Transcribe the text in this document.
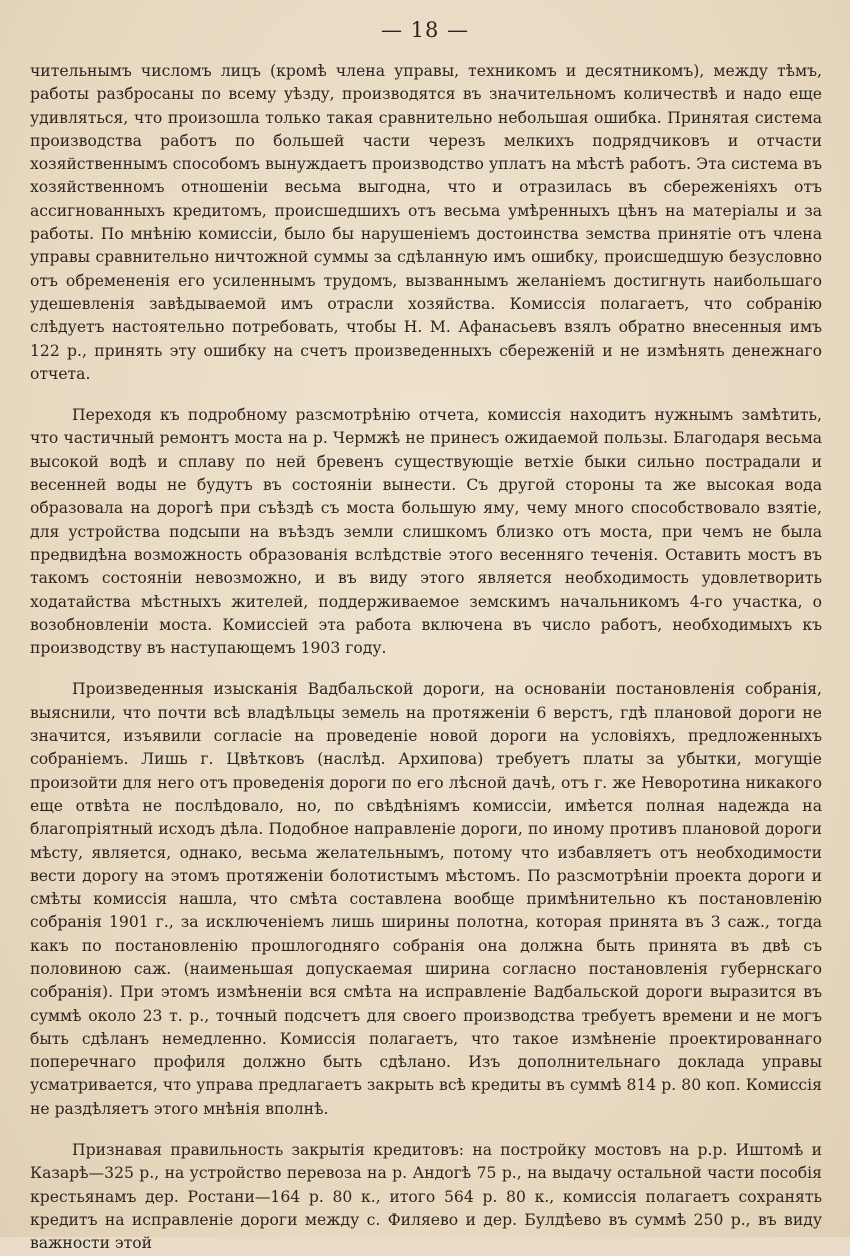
— 18 —

чительнымъ числомъ лицъ (кромѣ члена управы, техникомъ и десятникомъ), между тѣмъ, работы разбросаны по всему уѣзду, производятся въ значительномъ количествѣ и надо еще удивляться, что произошла только такая сравнительно небольшая ошибка. Принятая система производства работъ по большей части черезъ мелкихъ подрядчиковъ и отчасти хозяйственнымъ способомъ вынуждаетъ производство уплатъ на мѣстѣ работъ. Эта система въ хозяйственномъ отношеніи весьма выгодна, что и отразилась въ сбереженіяхъ отъ ассигнованныхъ кредитомъ, происшедшихъ отъ весьма умѣренныхъ цѣнъ на матеріалы и за работы. По мнѣнію комиссіи, было бы нарушеніемъ достоинства земства принятіе отъ члена управы сравнительно ничтожной суммы за сдѣланную имъ ошибку, происшедшую безусловно отъ обремененія его усиленнымъ трудомъ, вызваннымъ желаніемъ достигнуть наибольшаго удешевленія завѣдываемой имъ отрасли хозяйства. Комиссія полагаетъ, что собранію слѣдуетъ настоятельно потребовать, чтобы Н. М. Афанасьевъ взялъ обратно внесенныя имъ 122 р., принять эту ошибку на счетъ произведенныхъ сбереженій и не измѣнять денежнаго отчета.

Переходя къ подробному разсмотрѣнію отчета, комиссія находитъ нужнымъ замѣтить, что частичный ремонтъ моста на р. Чермжѣ не принесъ ожидаемой пользы. Благодаря весьма высокой водѣ и сплаву по ней бревенъ существующіе ветхіе быки сильно пострадали и весенней воды не будутъ въ состояніи вынести. Съ другой стороны та же высокая вода образовала на дорогѣ при съѣздѣ съ моста большую яму, чему много способствовало взятіе, для устройства подсыпи на въѣздъ земли слишкомъ близко отъ моста, при чемъ не была предвидѣна возможность образованія вслѣдствіе этого весенняго теченія. Оставить мостъ въ такомъ состояніи невозможно, и въ виду этого является необходимость удовлетворить ходатайства мѣстныхъ жителей, поддерживаемое земскимъ начальникомъ 4-го участка, о возобновленіи моста. Комиссіей эта работа включена въ число работъ, необходимыхъ къ производству въ наступающемъ 1903 году.

Произведенныя изысканія Вадбальской дороги, на основаніи постановленія собранія, выяснили, что почти всѣ владѣльцы земель на протяженіи 6 верстъ, гдѣ плановой дороги не значится, изъявили согласіе на проведеніе новой дороги на условіяхъ, предложенныхъ собраніемъ. Лишь г. Цвѣтковъ (наслѣд. Архипова) требуетъ платы за убытки, могущіе произойти для него отъ проведенія дороги по его лѣсной дачѣ, отъ г. же Неворотина никакого еще отвѣта не послѣдовало, но, по свѣдѣніямъ комиссіи, имѣется полная надежда на благопріятный исходъ дѣла. Подобное направленіе дороги, по иному противъ плановой дороги мѣсту, является, однако, весьма желательнымъ, потому что избавляетъ отъ необходимости вести дорогу на этомъ протяженіи болотистымъ мѣстомъ. По разсмотрѣніи проекта дороги и смѣты комиссія нашла, что смѣта составлена вообще примѣнительно къ постановленію собранія 1901 г., за исключеніемъ лишь ширины полотна, которая принята въ 3 саж., тогда какъ по постановленію прошлогодняго собранія она должна быть принята въ двѣ съ половиною саж. (наименьшая допускаемая ширина согласно постановленія губернскаго собранія). При этомъ измѣненіи вся смѣта на исправленіе Вадбальской дороги выразится въ суммѣ около 23 т. р., точный подсчетъ для своего производства требуетъ времени и не могъ быть сдѣланъ немедленно. Комиссія полагаетъ, что такое измѣненіе проектированнаго поперечнаго профиля должно быть сдѣлано. Изъ дополнительнаго доклада управы усматривается, что управа предлагаетъ закрыть всѣ кредиты въ суммѣ 814 р. 80 коп. Комиссія не раздѣляетъ этого мнѣнія вполнѣ.

Признавая правильность закрытія кредитовъ: на постройку мостовъ на р.р. Иштомѣ и Казарѣ—325 р., на устройство перевоза на р. Андогѣ 75 р., на выдачу остальной части пособія крестьянамъ дер. Ростани—164 р. 80 к., итого 564 р. 80 к., комиссія полагаетъ сохранять кредитъ на исправленіе дороги между с. Филяево и дер. Булдѣево въ суммѣ 250 р., въ виду важности этой
